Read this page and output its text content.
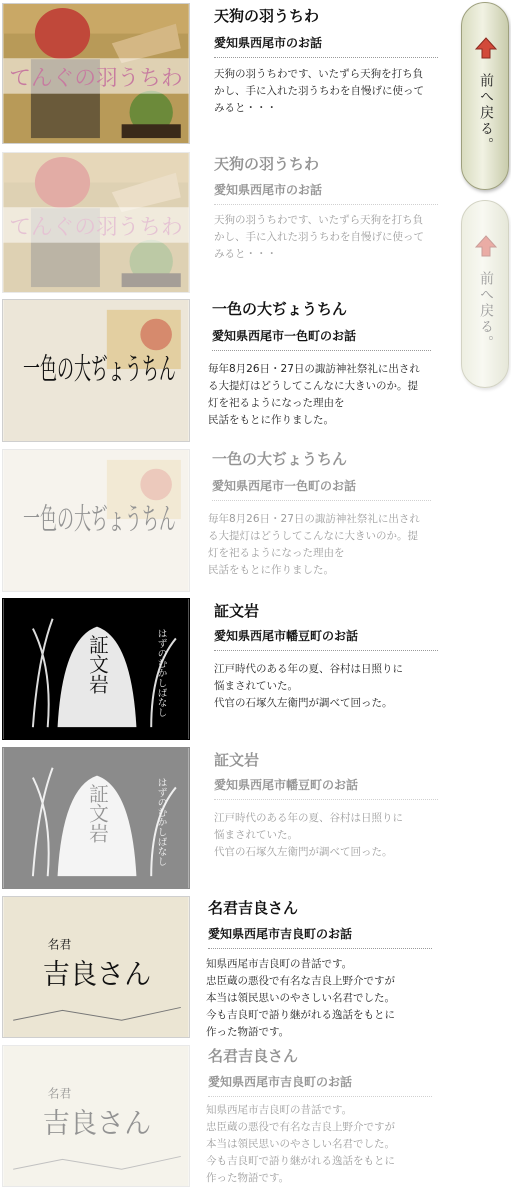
てんぐの羽うちわ
天狗の羽うちわ
愛知県西尾市のお話
天狗の羽うちわです、いたずら天狗を打ち負
かし、手に入れた羽うちわを自慢げに使って
みると・・・
てんぐの羽うちわ
天狗の羽うちわ
愛知県西尾市のお話
天狗の羽うちわです、いたずら天狗を打ち負
かし、手に入れた羽うちわを自慢げに使って
みると・・・
一色の大ぢょうちん
一色の大ぢょうちん
愛知県西尾市一色町のお話
毎年8月26日・27日の諏訪神社祭礼に出され
る大提灯はどうしてこんなに大きいのか。提
灯を祀るようになった理由を
民話をもとに作りました。
一色の大ぢょうちん
一色の大ぢょうちん
愛知県西尾市一色町のお話
毎年8月26日・27日の諏訪神社祭礼に出され
る大提灯はどうしてこんなに大きいのか。提
灯を祀るようになった理由を
民話をもとに作りました。
証文岩	はずのむかしばなし
証文岩
愛知県西尾市幡豆町のお話
江戸時代のある年の夏、谷村は日照りに
悩まされていた。
代官の石塚久左衛門が調べて回った。
証文岩	はずのむかしばなし
証文岩
愛知県西尾市幡豆町のお話
江戸時代のある年の夏、谷村は日照りに
悩まされていた。
代官の石塚久左衛門が調べて回った。
名君
吉良さん
名君吉良さん
愛知県西尾市吉良町のお話
知県西尾市吉良町の昔話です。
忠臣蔵の悪役で有名な吉良上野介ですが
本当は領民思いのやさしい名君でした。
今も吉良町で語り継がれる逸話をもとに
作った物語です。
名君
吉良さん
名君吉良さん
愛知県西尾市吉良町のお話
知県西尾市吉良町の昔話です。
忠臣蔵の悪役で有名な吉良上野介ですが
本当は領民思いのやさしい名君でした。
今も吉良町で語り継がれる逸話をもとに
作った物語です。
前へ戻る。
前へ戻る。
